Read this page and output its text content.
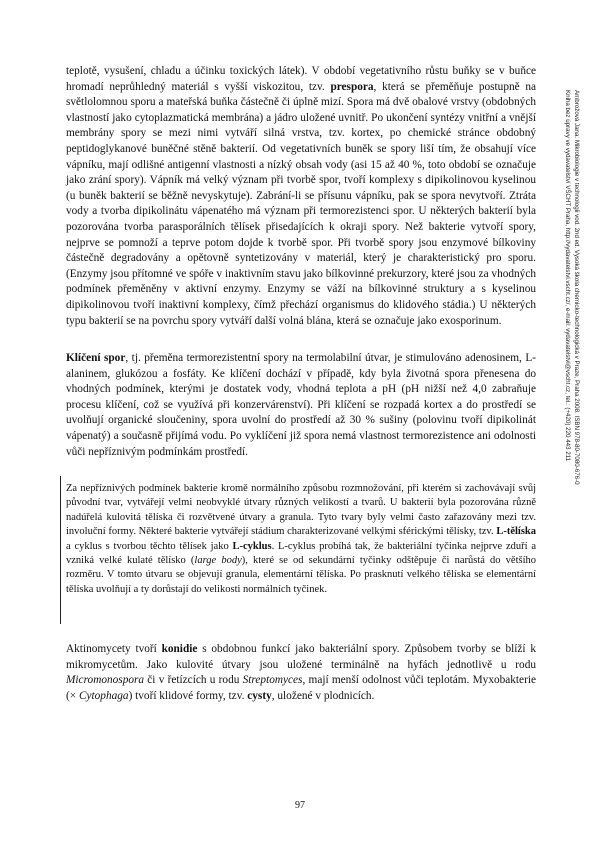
teplotě, vysušení, chladu a účinku toxických látek). V období vegetativního růstu buňky se v buňce hromadí neprůhledný materiál s vyšší viskozitou, tzv. prespora, která se přeměňuje postupně na světlolomnou sporu a mateřská buňka částečně či úplně mizí. Spora má dvě obalové vrstvy (obdobných vlastností jako cytoplazmatická membrána) a jádro uložené uvnitř. Po ukončení syntézy vnitřní a vnější membrány spory se mezi nimi vytváří silná vrstva, tzv. kortex, po chemické stránce obdobný peptidoglykanové buněčné stěně bakterií. Od vegetativních buněk se spory liší tím, že obsahují více vápníku, mají odlišné antigenní vlastnosti a nízký obsah vody (asi 15 až 40 %, toto období se označuje jako zrání spory). Vápník má velký význam při tvorbě spor, tvoří komplexy s dipikolinovou kyselinou (u buněk bakterií se běžně nevyskytuje). Zabrání-li se přísunu vápníku, pak se spora nevytvoří. Ztráta vody a tvorba dipikolinátu vápenatého má význam při termorezistenci spor. U některých bakterií byla pozorována tvorba parasporálních tělísek přisedajících k okraji spory. Než bakterie vytvoří spory, nejprve se pomnoží a teprve potom dojde k tvorbě spor. Při tvorbě spory jsou enzymové bílkoviny částečně degradovány a opětovně syntetizovány v materiál, který je charakteristický pro sporu. (Enzymy jsou přítomné ve spóře v inaktivním stavu jako bílkovinné prekurzory, které jsou za vhodných podmínek přeměněny v aktivní enzymy. Enzymy se váží na bílkovinné struktury a s kyselinou dipikolinovou tvoří inaktivní komplexy, čímž přechází organismus do klidového stádia.) U některých typu bakterií se na povrchu spory vytváří další volná blána, která se označuje jako exosporinum.

Klíčení spor, tj. přeměna termorezistentní spory na termolabilní útvar, je stimulováno adenosinem, L-alaninem, glukózou a fosfáty. Ke klíčení dochází v případě, kdy byla životná spora přenesena do vhodných podmínek, kterými je dostatek vody, vhodná teplota a pH (pH nižší než 4,0 zabraňuje procesu klíčení, což se využívá při konzervárenství). Při klíčení se rozpadá kortex a do prostředí se uvolňují organické sloučeniny, spora uvolní do prostředí až 30 % sušiny (polovinu tvoří dipikolinát vápenatý) a současně přijímá vodu. Po vyklíčení již spora nemá vlastnost termorezistence ani odolnosti vůči nepříznivým podmínkám prostředí.

Za nepříznivých podmínek bakterie kromě normálního způsobu rozmnožování, při kterém si zachovávají svůj původní tvar, vytvářejí velmi neobvyklé útvary různých velikostí a tvarů. U bakterií byla pozorována různě nadúřelá kulovitá tělíska či rozvětvené útvary a granula. Tyto tvary byly velmi často zařazovány mezi tzv. involuční formy. Některé bakterie vytvářejí stádium charakterizované velkými sférickými tělísky, tzv. L-tělíska a cyklus s tvorbou těchto tělísek jako L-cyklus. L-cyklus probíhá tak, že bakteriální tyčinka nejprve zduří a vzniká velké kulaté tělísko (large body), které se od sekundární tyčinky odštěpuje či narůstá do většího rozměru. V tomto útvaru se objevují granula, elementární tělíska. Po prasknutí velkého tělíska se elementární tělíska uvolňují a ty dorůstají do velikosti normálních tyčinek.

Aktinomycety tvoří konidie s obdobnou funkcí jako bakteriální spory. Způsobem tvorby se blíží k mikromycetům. Jako kulovité útvary jsou uložené terminálně na hyfách jednotlivě u rodu Micromonospora či v řetízcích u rodu Streptomyces, mají menší odolnost vůči teplotám. Myxobakterie (× Cytophaga) tvoří klidové formy, tzv. cysty, uložené v plodnicích.

97
Ambrožová Jana: Mikrobiologie v technologii vod. 2nd ed. Vysoká škola chemicko-technologická v Praze, Praha 2008. ISBN 978-80-7080-676-0
Kniha bez úpravy ve vydavatelství VŠCHT Praha, http://vydavatelstvi.vscht.cz/, e-mail: vydavatelstvi@vscht.cz, tel.: (+420) 220 443 211
